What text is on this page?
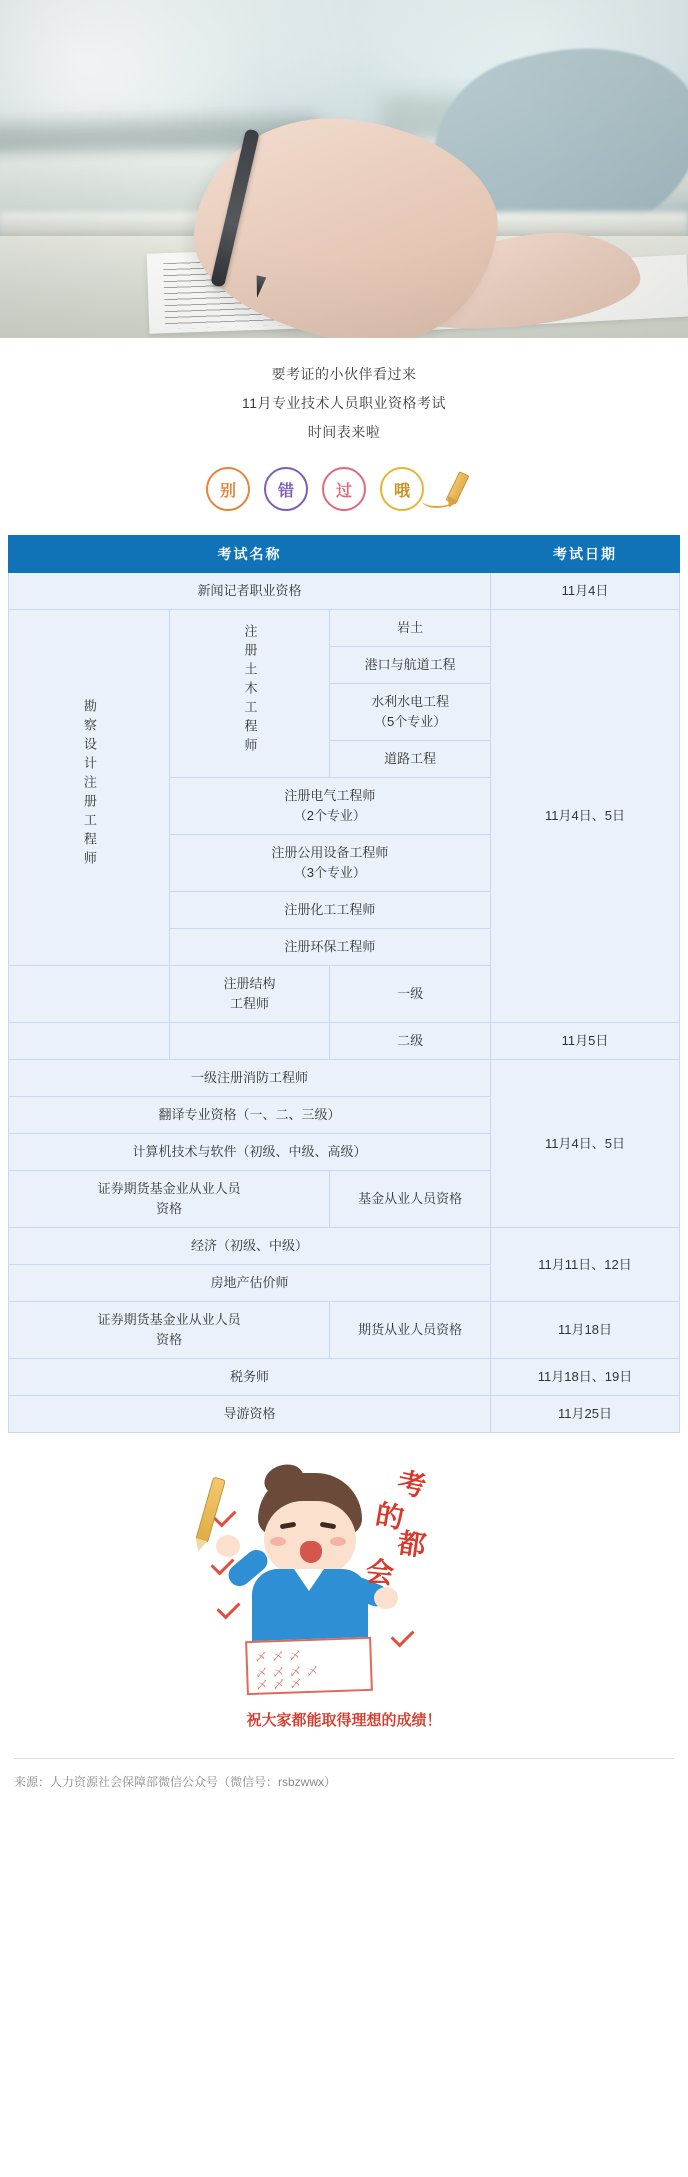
要考证的小伙伴看过来
11月专业技术人员职业资格考试
时间表来啦
别	错	过	哦
考试名称			考试日期
新闻记者职业资格			11月4日
勘察设计注册工程师	注册土木工程师	岩土	11月4日、5日
		港口与航道工程	

		水利水电工程
（5个专业）	

		道路工程	

	注册电气工程师
（2个专业）		

	注册公用设备工程师
（3个专业）		

	注册化工工程师		
	注册环保工程师		

	注册结构
工程师	一级	
		二级	11月5日
一级注册消防工程师			11月4日、5日
翻译专业资格（一、二、三级）			
计算机技术与软件（初级、中级、高级）			

证券期货基金业从业人员
资格		基金从业人员资格	
经济（初级、中级）			11月11日、12日
房地产估价师			

证券期货基金业从业人员
资格		期货从业人员资格	11月18日
税务师			11月18日、19日
导游资格			11月25日
乄乄乄
乄乄乄乄
乄乄乄
考
的
都
会
祝大家都能取得理想的成绩！
来源：人力资源社会保障部微信公众号（微信号：rsbzwwx）
